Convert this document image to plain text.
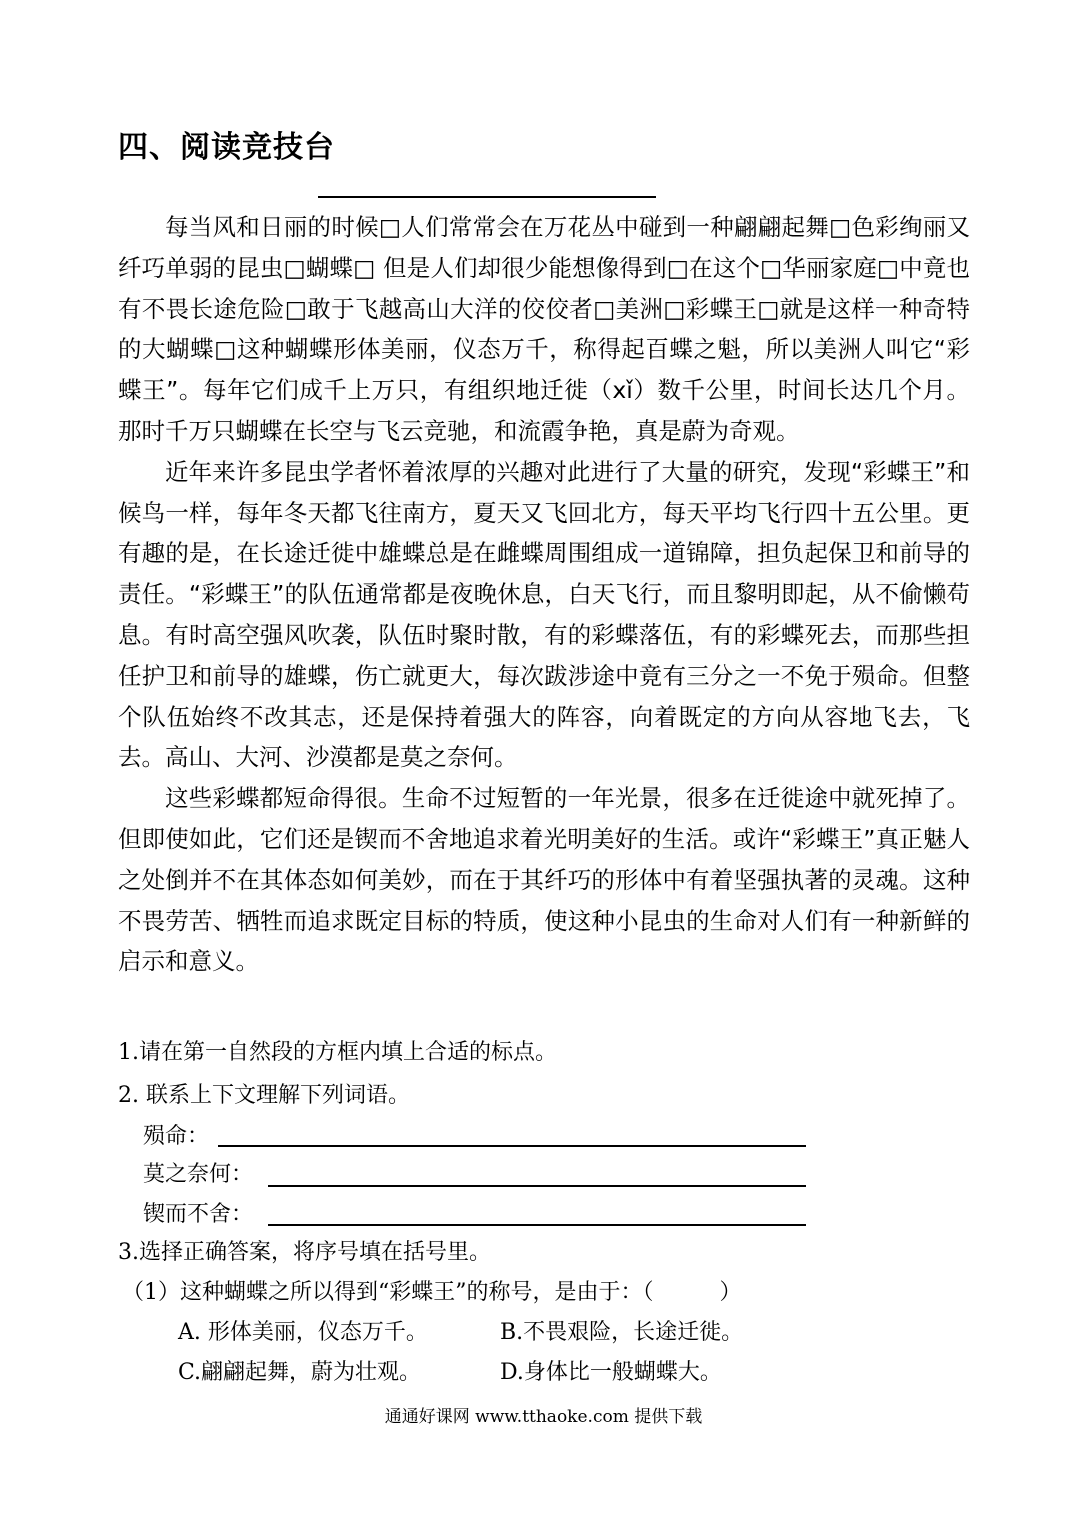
四、阅读竞技台

每当风和日丽的时候□人们常常会在万花丛中碰到一种翩翩起舞□色彩绚丽又纤巧单弱的昆虫□蝴蝶□ 但是人们却很少能想像得到□在这个□华丽家庭□中竟也有不畏长途危险□敢于飞越高山大洋的佼佼者□美洲□彩蝶王□就是这样一种奇特的大蝴蝶□这种蝴蝶形体美丽，仪态万千，称得起百蝶之魁，所以美洲人叫它“彩蝶王”。每年它们成千上万只，有组织地迁徙（xǐ）数千公里，时间长达几个月。那时千万只蝴蝶在长空与飞云竞驰，和流霞争艳，真是蔚为奇观。

近年来许多昆虫学者怀着浓厚的兴趣对此进行了大量的研究，发现“彩蝶王”和候鸟一样，每年冬天都飞往南方，夏天又飞回北方，每天平均飞行四十五公里。更有趣的是，在长途迁徙中雄蝶总是在雌蝶周围组成一道锦障，担负起保卫和前导的责任。“彩蝶王”的队伍通常都是夜晚休息，白天飞行，而且黎明即起，从不偷懒苟息。有时高空强风吹袭，队伍时聚时散，有的彩蝶落伍，有的彩蝶死去，而那些担任护卫和前导的雄蝶，伤亡就更大，每次跋涉途中竟有三分之一不免于殒命。但整个队伍始终不改其志，还是保持着强大的阵容，向着既定的方向从容地飞去，飞去。高山、大河、沙漠都是莫之奈何。

这些彩蝶都短命得很。生命不过短暂的一年光景，很多在迁徙途中就死掉了。但即使如此，它们还是锲而不舍地追求着光明美好的生活。或许“彩蝶王”真正魅人之处倒并不在其体态如何美妙，而在于其纤巧的形体中有着坚强执著的灵魂。这种不畏劳苦、牺牲而追求既定目标的特质，使这种小昆虫的生命对人们有一种新鲜的启示和意义。

1.请在第一自然段的方框内填上合适的标点。
2. 联系上下文理解下列词语。
殒命：
莫之奈何：
锲而不舍：
3.选择正确答案，将序号填在括号里。
（1）这种蝴蝶之所以得到“彩蝶王”的称号，是由于：（　　　）
A. 形体美丽，仪态万千。	B.不畏艰险，长途迁徙。
C.翩翩起舞，蔚为壮观。	D.身体比一般蝴蝶大。
通通好课网 www.tthaoke.com 提供下载
